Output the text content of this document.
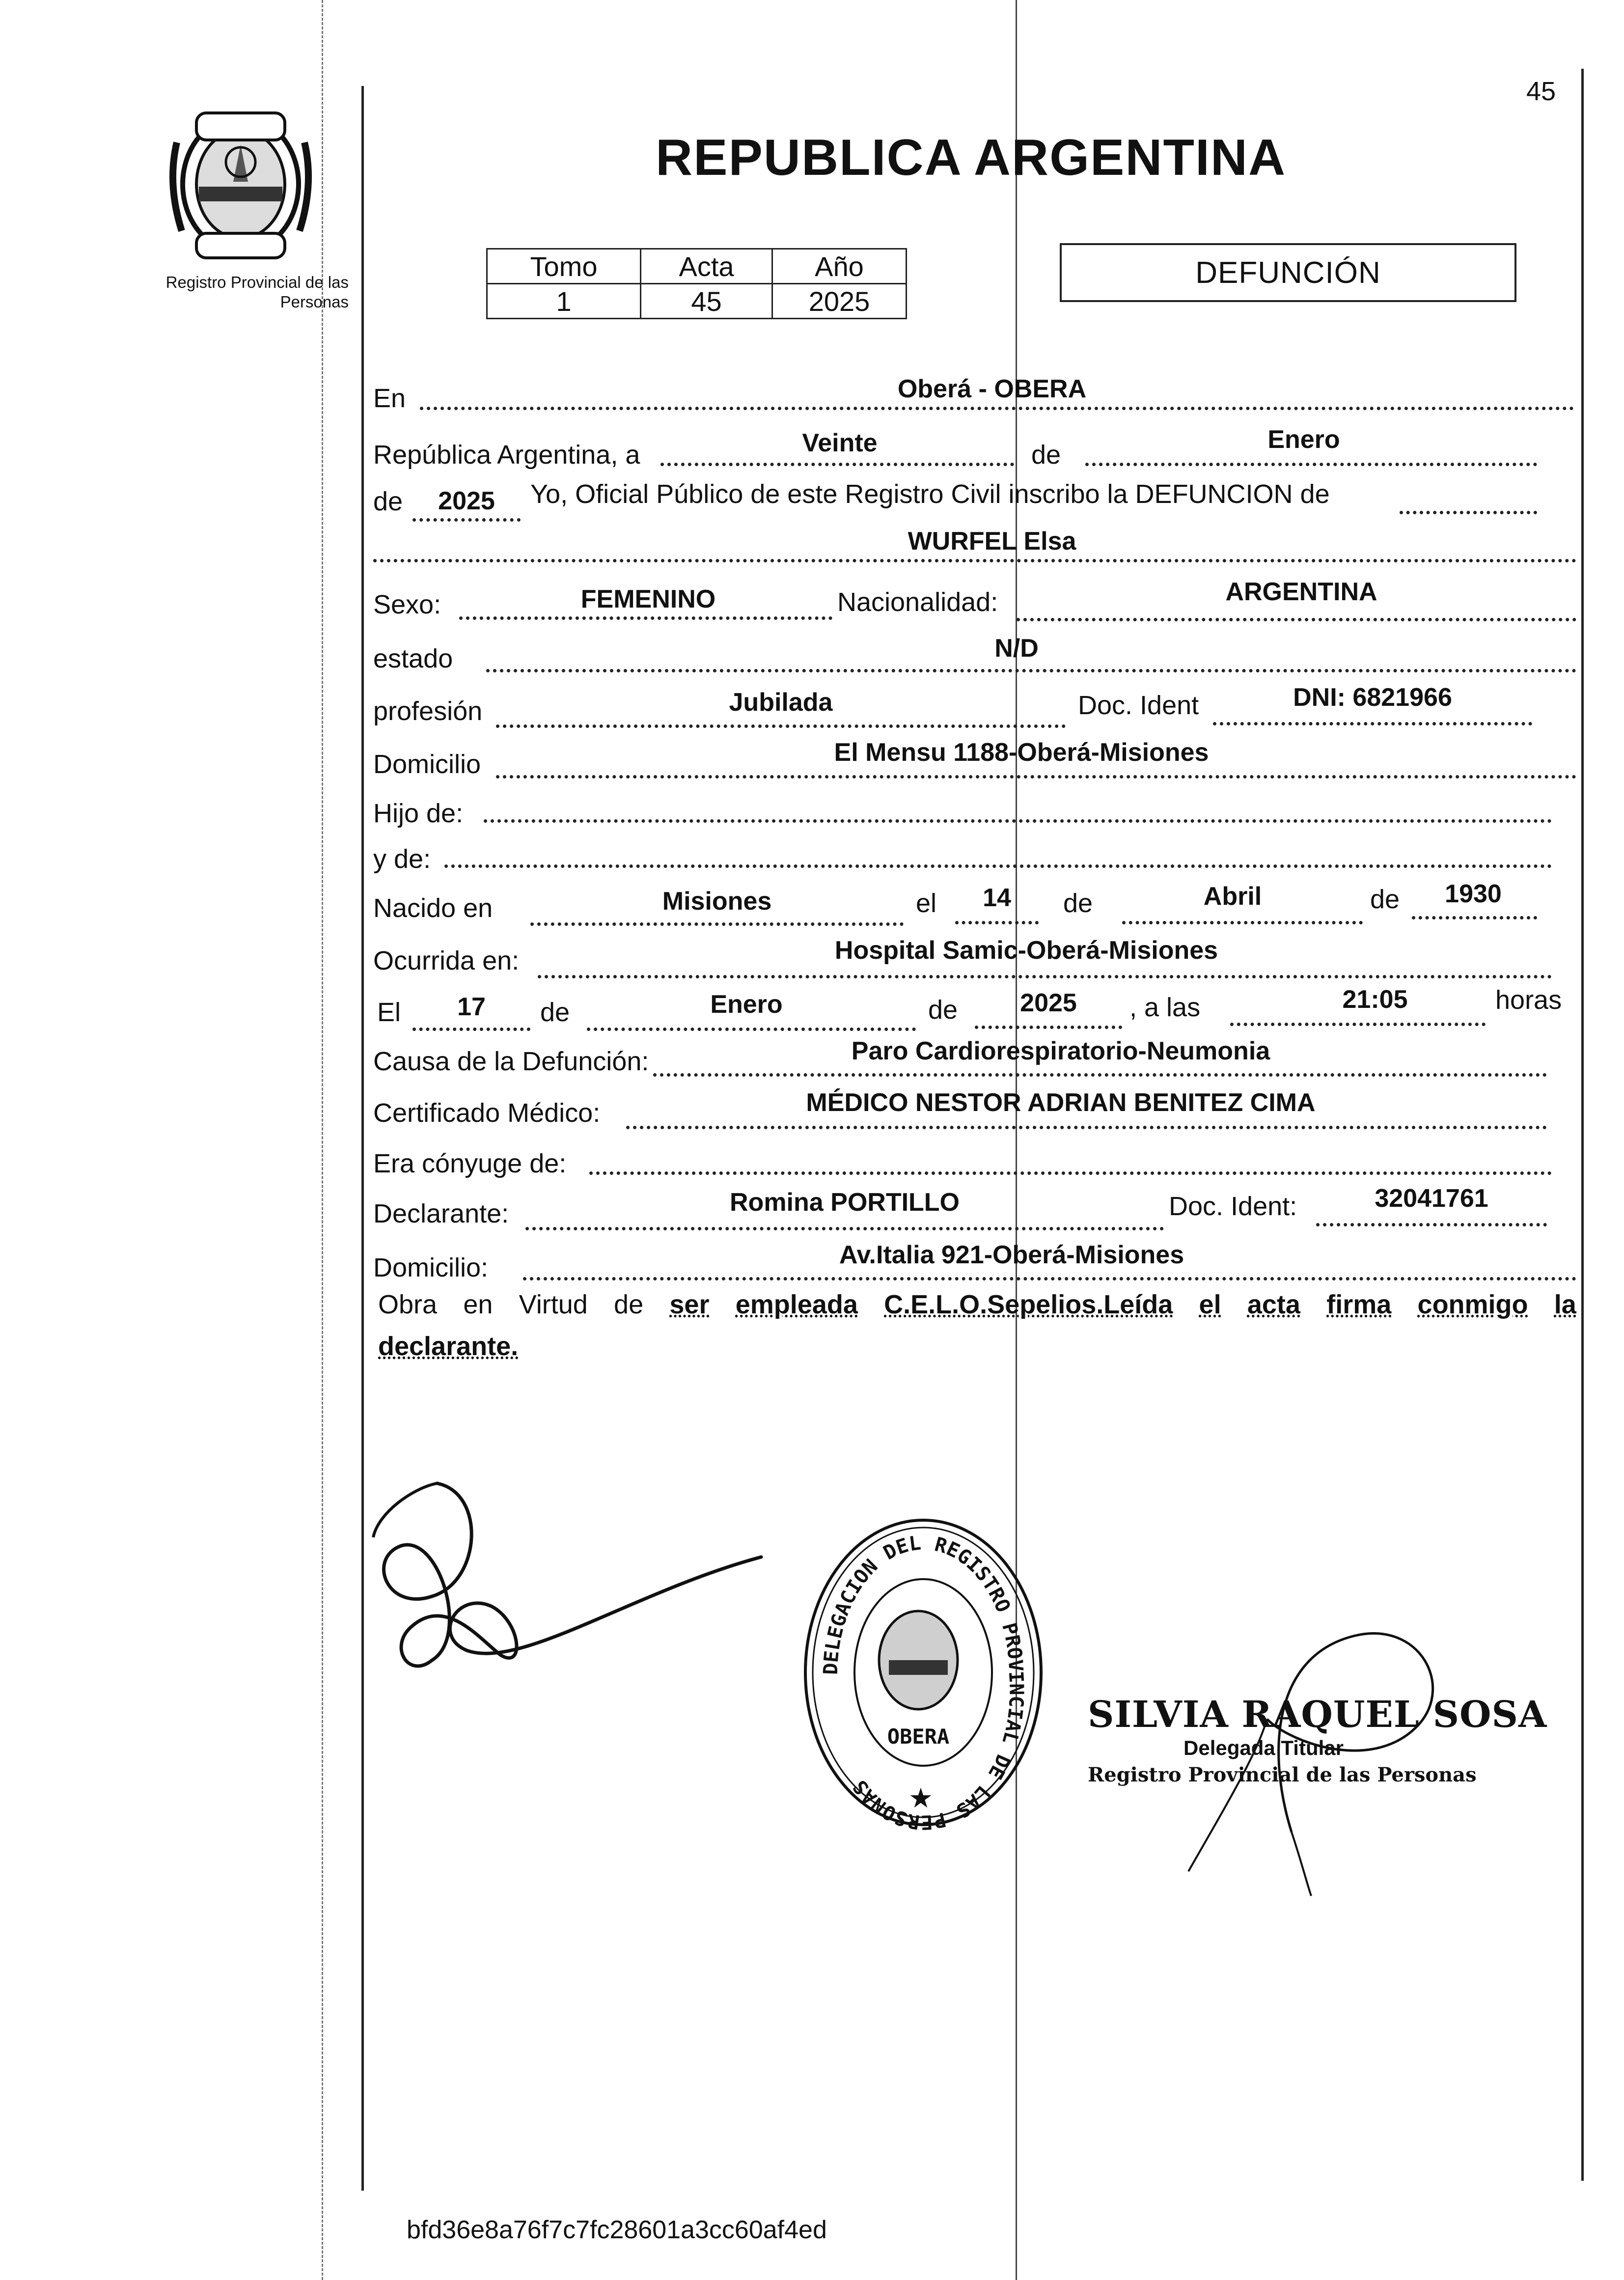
45
Registro Provincial de las Personas
REPUBLICA ARGENTINA
Tomo	Acta	Año
1	45	2025
DEFUNCIÓN
En	Oberá - OBERA
República Argentina, a	Veinte	de
Enero
de	2025	Yo, Oficial Público de este Registro Civil inscribo la DEFUNCION de
WURFEL Elsa
Sexo:	FEMENINO	Nacionalidad:	ARGENTINA
estado	N/D
profesión	Jubilada	Doc. Ident	DNI: 6821966
Domicilio	El Mensu 1188-Oberá-Misiones
Hijo de:
y de:
Nacido en	Misiones	el	14	de	Abril	de	1930
Ocurrida en:	Hospital Samic-Oberá-Misiones
El	17	de	Enero	de	2025	, a las	21:05	horas
Causa de la Defunción:	Paro Cardiorespiratorio-Neumonia
Certificado Médico:	MÉDICO NESTOR ADRIAN BENITEZ CIMA
Era cónyuge de:
Declarante:	Romina PORTILLO	Doc. Ident:	32041761
Domicilio:	Av.Italia 921-Oberá-Misiones
Obra en Virtud de ser empleada C.E.L.O.Sepelios.Leída el acta firma conmigo la
declarante.
DELEGACION DEL REGISTRO PROVINCIAL DE LAS PERSONAS
OBERA
★
SILVIA RAQUEL SOSA
Delegada Titular
Registro Provincial de las Personas
bfd36e8a76f7c7fc28601a3cc60af4ed
